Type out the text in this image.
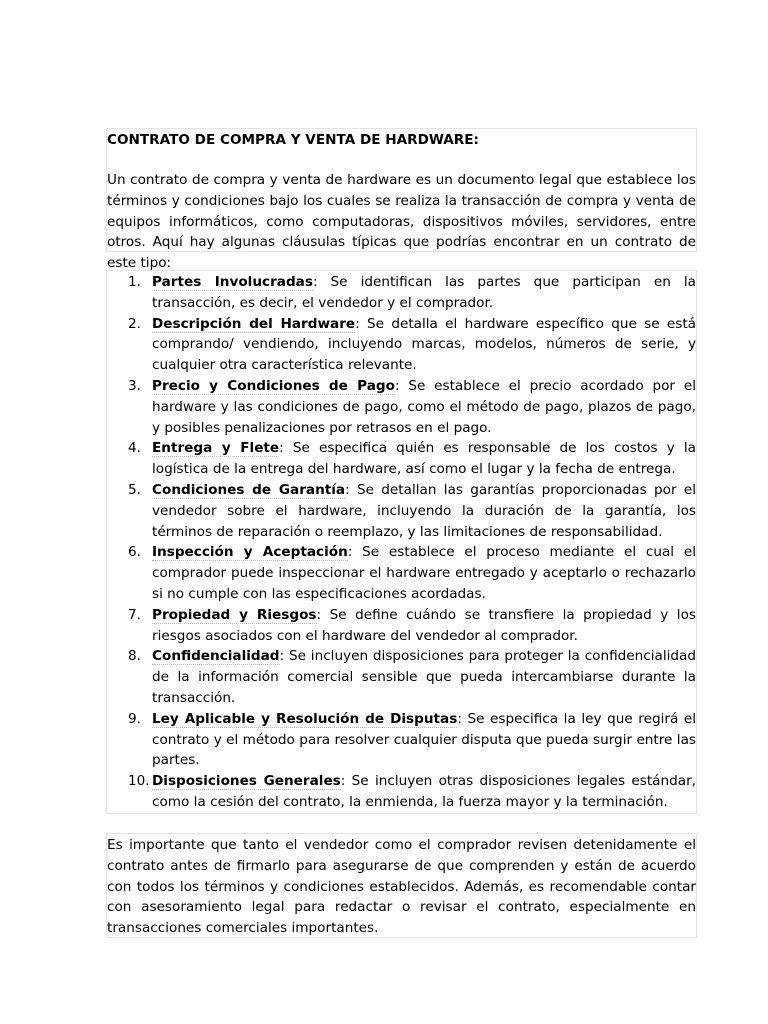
CONTRATO DE COMPRA Y VENTA DE HARDWARE:

Un contrato de compra y venta de hardware es un documento legal que establece los términos y condiciones bajo los cuales se realiza la transacción de compra y venta de equipos informáticos, como computadoras, dispositivos móviles, servidores, entre otros. Aquí hay algunas cláusulas típicas que podrías encontrar en un contrato de este tipo:

1. Partes Involucradas: Se identifican las partes que participan en la transacción, es decir, el vendedor y el comprador.
2. Descripción del Hardware: Se detalla el hardware específico que se está comprando/ vendiendo, incluyendo marcas, modelos, números de serie, y cualquier otra característica relevante.
3. Precio y Condiciones de Pago: Se establece el precio acordado por el hardware y las condiciones de pago, como el método de pago, plazos de pago, y posibles penalizaciones por retrasos en el pago.
4. Entrega y Flete: Se especifica quién es responsable de los costos y la logística de la entrega del hardware, así como el lugar y la fecha de entrega.
5. Condiciones de Garantía: Se detallan las garantías proporcionadas por el vendedor sobre el hardware, incluyendo la duración de la garantía, los términos de reparación o reemplazo, y las limitaciones de responsabilidad.
6. Inspección y Aceptación: Se establece el proceso mediante el cual el comprador puede inspeccionar el hardware entregado y aceptarlo o rechazarlo si no cumple con las especificaciones acordadas.
7. Propiedad y Riesgos: Se define cuándo se transfiere la propiedad y los riesgos asociados con el hardware del vendedor al comprador.
8. Confidencialidad: Se incluyen disposiciones para proteger la confidencialidad de la información comercial sensible que pueda intercambiarse durante la transacción.
9. Ley Aplicable y Resolución de Disputas: Se especifica la ley que regirá el contrato y el método para resolver cualquier disputa que pueda surgir entre las partes.
10. Disposiciones Generales: Se incluyen otras disposiciones legales estándar, como la cesión del contrato, la enmienda, la fuerza mayor y la terminación.

Es importante que tanto el vendedor como el comprador revisen detenidamente el contrato antes de firmarlo para asegurarse de que comprenden y están de acuerdo con todos los términos y condiciones establecidos. Además, es recomendable contar con asesoramiento legal para redactar o revisar el contrato, especialmente en transacciones comerciales importantes.
